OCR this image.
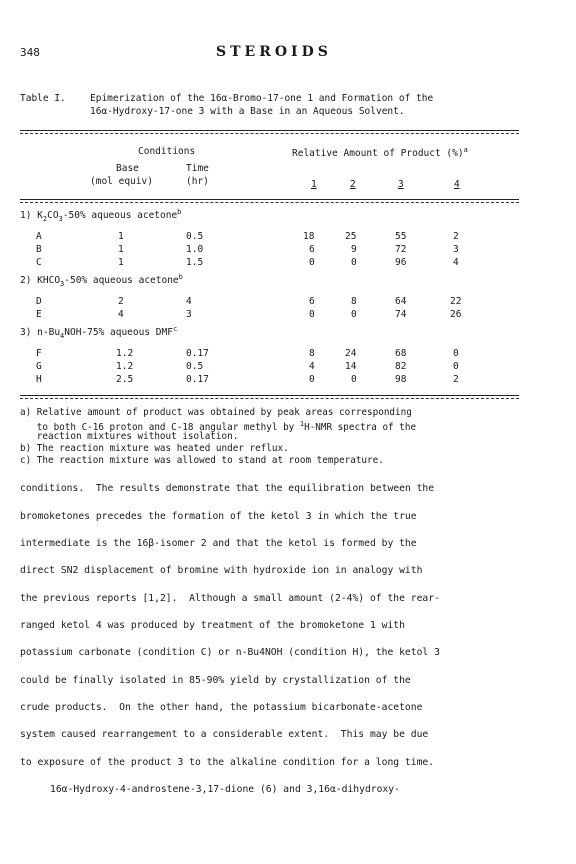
348	STEROIDS
Table I.	Epimerization of the 16α-Bromo-17-one 1 and Formation of the
16α-Hydroxy-17-one 3 with a Base in an Aqueous Solvent.
Conditions	Relative Amount of Product (%)$^a$
Base	Time
(mol equiv)	(hr)	1	2	3	4
1) $K_2CO_3-50\%$ aqueous acetone$^b$
A	1	0.5	18	25	55	2
B	1	1.0	6	9	72	3
C	1	1.5	0	0	96	4
2) $KHCO_3-50\%$ aqueous acetone$^b$
D	2	4	6	8	64	22
E	4	3	0	0	74	26
3) $n-Bu_4NOH-75\%$ aqueous DMF$^c$
F	1.2	0.17	8	24	68	0
G	1.2	0.5	4	14	82	0
H	2.5	0.17	0	0	98	2
a) Relative amount of product was obtained by peak areas corresponding
to both C-16 proton and C-18 angular methyl by $^1$H-NMR spectra of the
reaction mixtures without isolation.
b) The reaction mixture was heated under reflux.
c) The reaction mixture was allowed to stand at room temperature.
conditions.  The results demonstrate that the equilibration between the
bromoketones precedes the formation of the ketol 3 in which the true
intermediate is the 16β-isomer 2 and that the ketol is formed by the
direct SN2 displacement of bromine with hydroxide ion in analogy with
the previous reports [1,2].  Although a small amount (2-4%) of the rear-
ranged ketol 4 was produced by treatment of the bromoketone 1 with
potassium carbonate (condition C) or n-Bu4NOH (condition H), the ketol 3
could be finally isolated in 85-90% yield by crystallization of the
crude products.  On the other hand, the potassium bicarbonate-acetone
system caused rearrangement to a considerable extent.  This may be due
to exposure of the product 3 to the alkaline condition for a long time.
16α-Hydroxy-4-androstene-3,17-dione (6) and 3,16α-dihydroxy-
